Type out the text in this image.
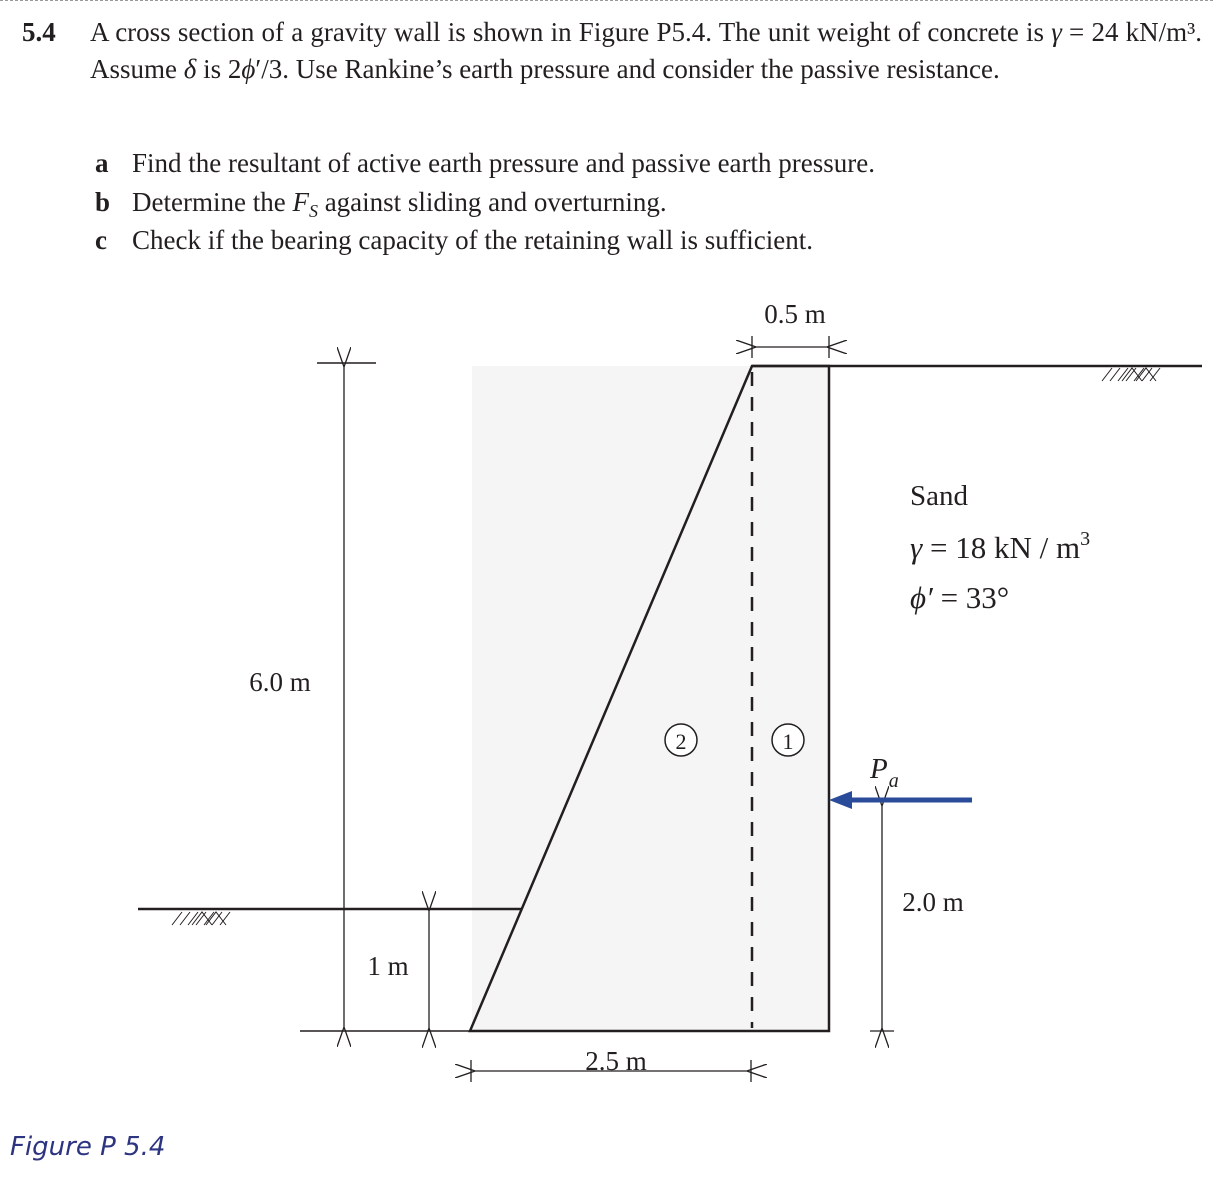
5.4 A cross section of a gravity wall is shown in Figure P5.4. The unit weight of concrete is γ = 24 kN/m³. Assume δ is 2ϕ′/3. Use Rankine’s earth pressure and consider the passive resistance.
a Find the resultant of active earth pressure and passive earth pressure.
b Determine the $F_S$ against sliding and overturning.
c Check if the bearing capacity of the retaining wall is sufficient.
0.5 m
6.0 m
1 m
2.5 m
2.0 m
2	1
$P_a$
Sand
γ = 18 kN / $m^3$
ϕ′ = 33°
Figure P 5.4
